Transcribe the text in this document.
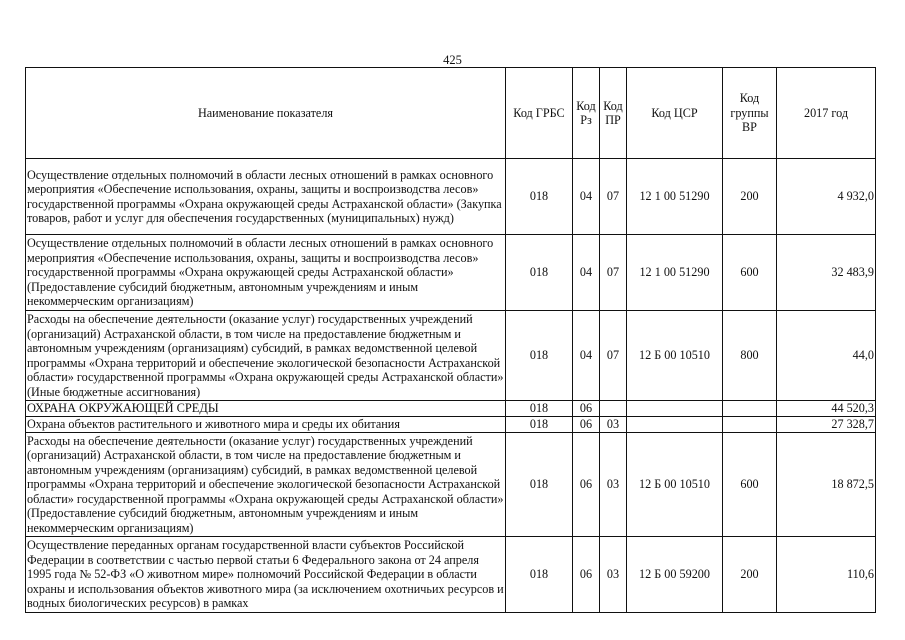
425
Наименование показателя	Код ГРБС	Код Рз	Код ПР	Код ЦСР	Код группы ВР	2017 год
Осуществление отдельных полномочий в области лесных отношений в рамках основного мероприятия «Обеспечение использования, охраны, защиты и воспроизводства лесов» государственной программы «Охрана окружающей среды Астраханской области» (Закупка товаров, работ и услуг для обеспечения государственных (муниципальных) нужд)	018	04	07	12 1 00 51290	200	4 932,0
Осуществление отдельных полномочий в области лесных отношений в рамках основного мероприятия «Обеспечение использования, охраны, защиты и воспроизводства лесов» государственной программы «Охрана окружающей среды Астраханской области» (Предоставление субсидий бюджетным, автономным учреждениям и иным некоммерческим организациям)	018	04	07	12 1 00 51290	600	32 483,9
Расходы на обеспечение деятельности (оказание услуг) государственных учреждений (организаций) Астраханской области, в том числе на предоставление бюджетным и автономным учреждениям (организациям) субсидий, в рамках ведомственной целевой программы «Охрана территорий и обеспечение экологической безопасности Астраханской области» государственной программы «Охрана окружающей среды Астраханской области» (Иные бюджетные ассигнования)	018	04	07	12 Б 00 10510	800	44,0
ОХРАНА ОКРУЖАЮЩЕЙ СРЕДЫ	018	06				44 520,3
Охрана объектов растительного и животного мира и среды их обитания	018	06	03			27 328,7
Расходы на обеспечение деятельности (оказание услуг) государственных учреждений (организаций) Астраханской области, в том числе на предоставление бюджетным и автономным учреждениям (организациям) субсидий, в рамках ведомственной целевой программы «Охрана территорий и обеспечение экологической безопасности Астраханской области» государственной программы «Охрана окружающей среды Астраханской области» (Предоставление субсидий бюджетным, автономным учреждениям и иным некоммерческим организациям)	018	06	03	12 Б 00 10510	600	18 872,5
Осуществление переданных органам государственной власти субъектов Российской Федерации в соответствии с частью первой статьи 6 Федерального закона от 24 апреля 1995 года № 52-ФЗ «О животном мире» полномочий Российской Федерации в области охраны и использования объектов животного мира (за исключением охотничьих ресурсов и водных биологических ресурсов) в рамках	018	06	03	12 Б 00 59200	200	110,6
